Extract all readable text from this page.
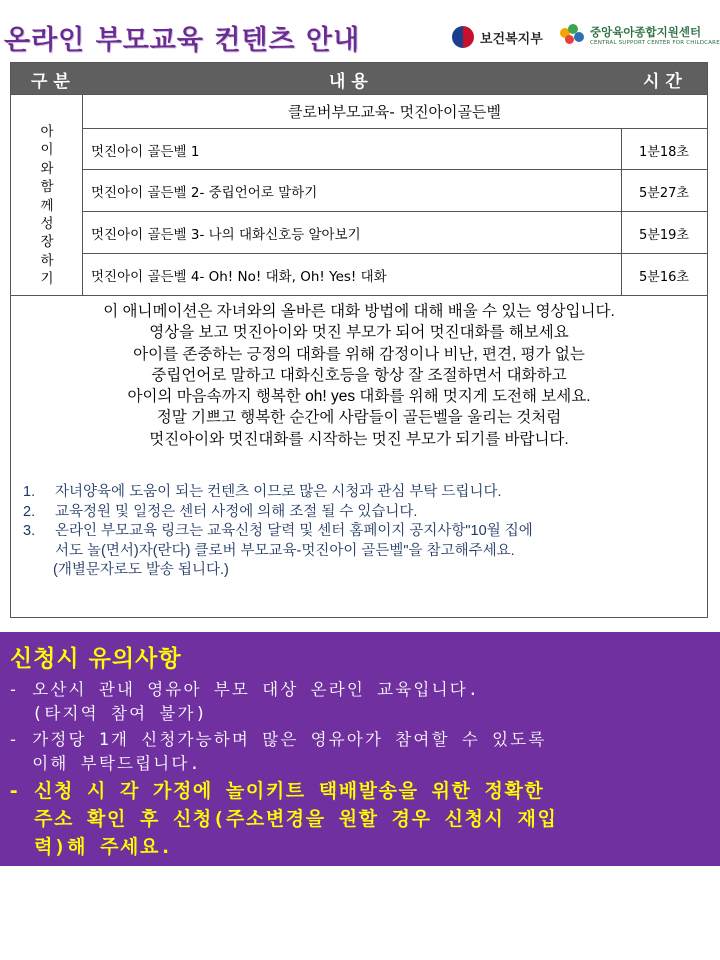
온라인 부모교육 컨텐츠 안내	보건복지부	중앙육아종합지원센터
CENTRAL SUPPORT CENTER FOR CHILDCARE
구 분	내 용	시 간
아
이
와
함
께
성
장
하
기
클로버부모교육- 멋진아이골든벨
멋진아이 골든벨 1	1분18초
멋진아이 골든벨 2- 중립언어로 말하기	5분27초
멋진아이 골든벨 3- 나의 대화신호등 알아보기	5분19초
멋진아이 골든벨 4- Oh! No! 대화, Oh! Yes! 대화	5분16초
이 애니메이션은 자녀와의 올바른 대화 방법에 대해 배울 수 있는 영상입니다.
영상을 보고 멋진아이와 멋진 부모가 되어 멋진대화를 해보세요
아이를 존중하는 긍정의 대화를 위해 감정이나 비난, 편견, 평가 없는
중립언어로 말하고 대화신호등을 항상 잘 조절하면서 대화하고
아이의 마음속까지 행복한 oh! yes 대화를 위해 멋지게 도전해 보세요.
정말 기쁘고 행복한 순간에 사람들이 골든벨을 울리는 것처럼
멋진아이와 멋진대화를 시작하는 멋진 부모가 되기를 바랍니다.
1.	자녀양육에 도움이 되는 컨텐츠 이므로 많은 시청과 관심 부탁 드립니다.
2.	교육정원 및 일정은 센터 사정에 의해 조절 될 수 있습니다.
3.	온라인 부모교육 링크는 교육신청 달력 및 센터 홈페이지 공지사항"10월 집에
서도 놀(면서)자(란다) 클로버 부모교육-멋진아이 골든벨"을 참고해주세요.
(개별문자로도 발송 됩니다.)
신청시 유의사항
- 오산시 관내 영유아 부모 대상 온라인 교육입니다.
(타지역 참여 불가)
- 가정당 1개 신청가능하며 많은 영유아가 참여할 수 있도록
이해 부탁드립니다.
- 신청 시 각 가정에 놀이키트 택배발송을 위한 정확한
주소 확인 후 신청(주소변경을 원할 경우 신청시 재입
력)해 주세요.
